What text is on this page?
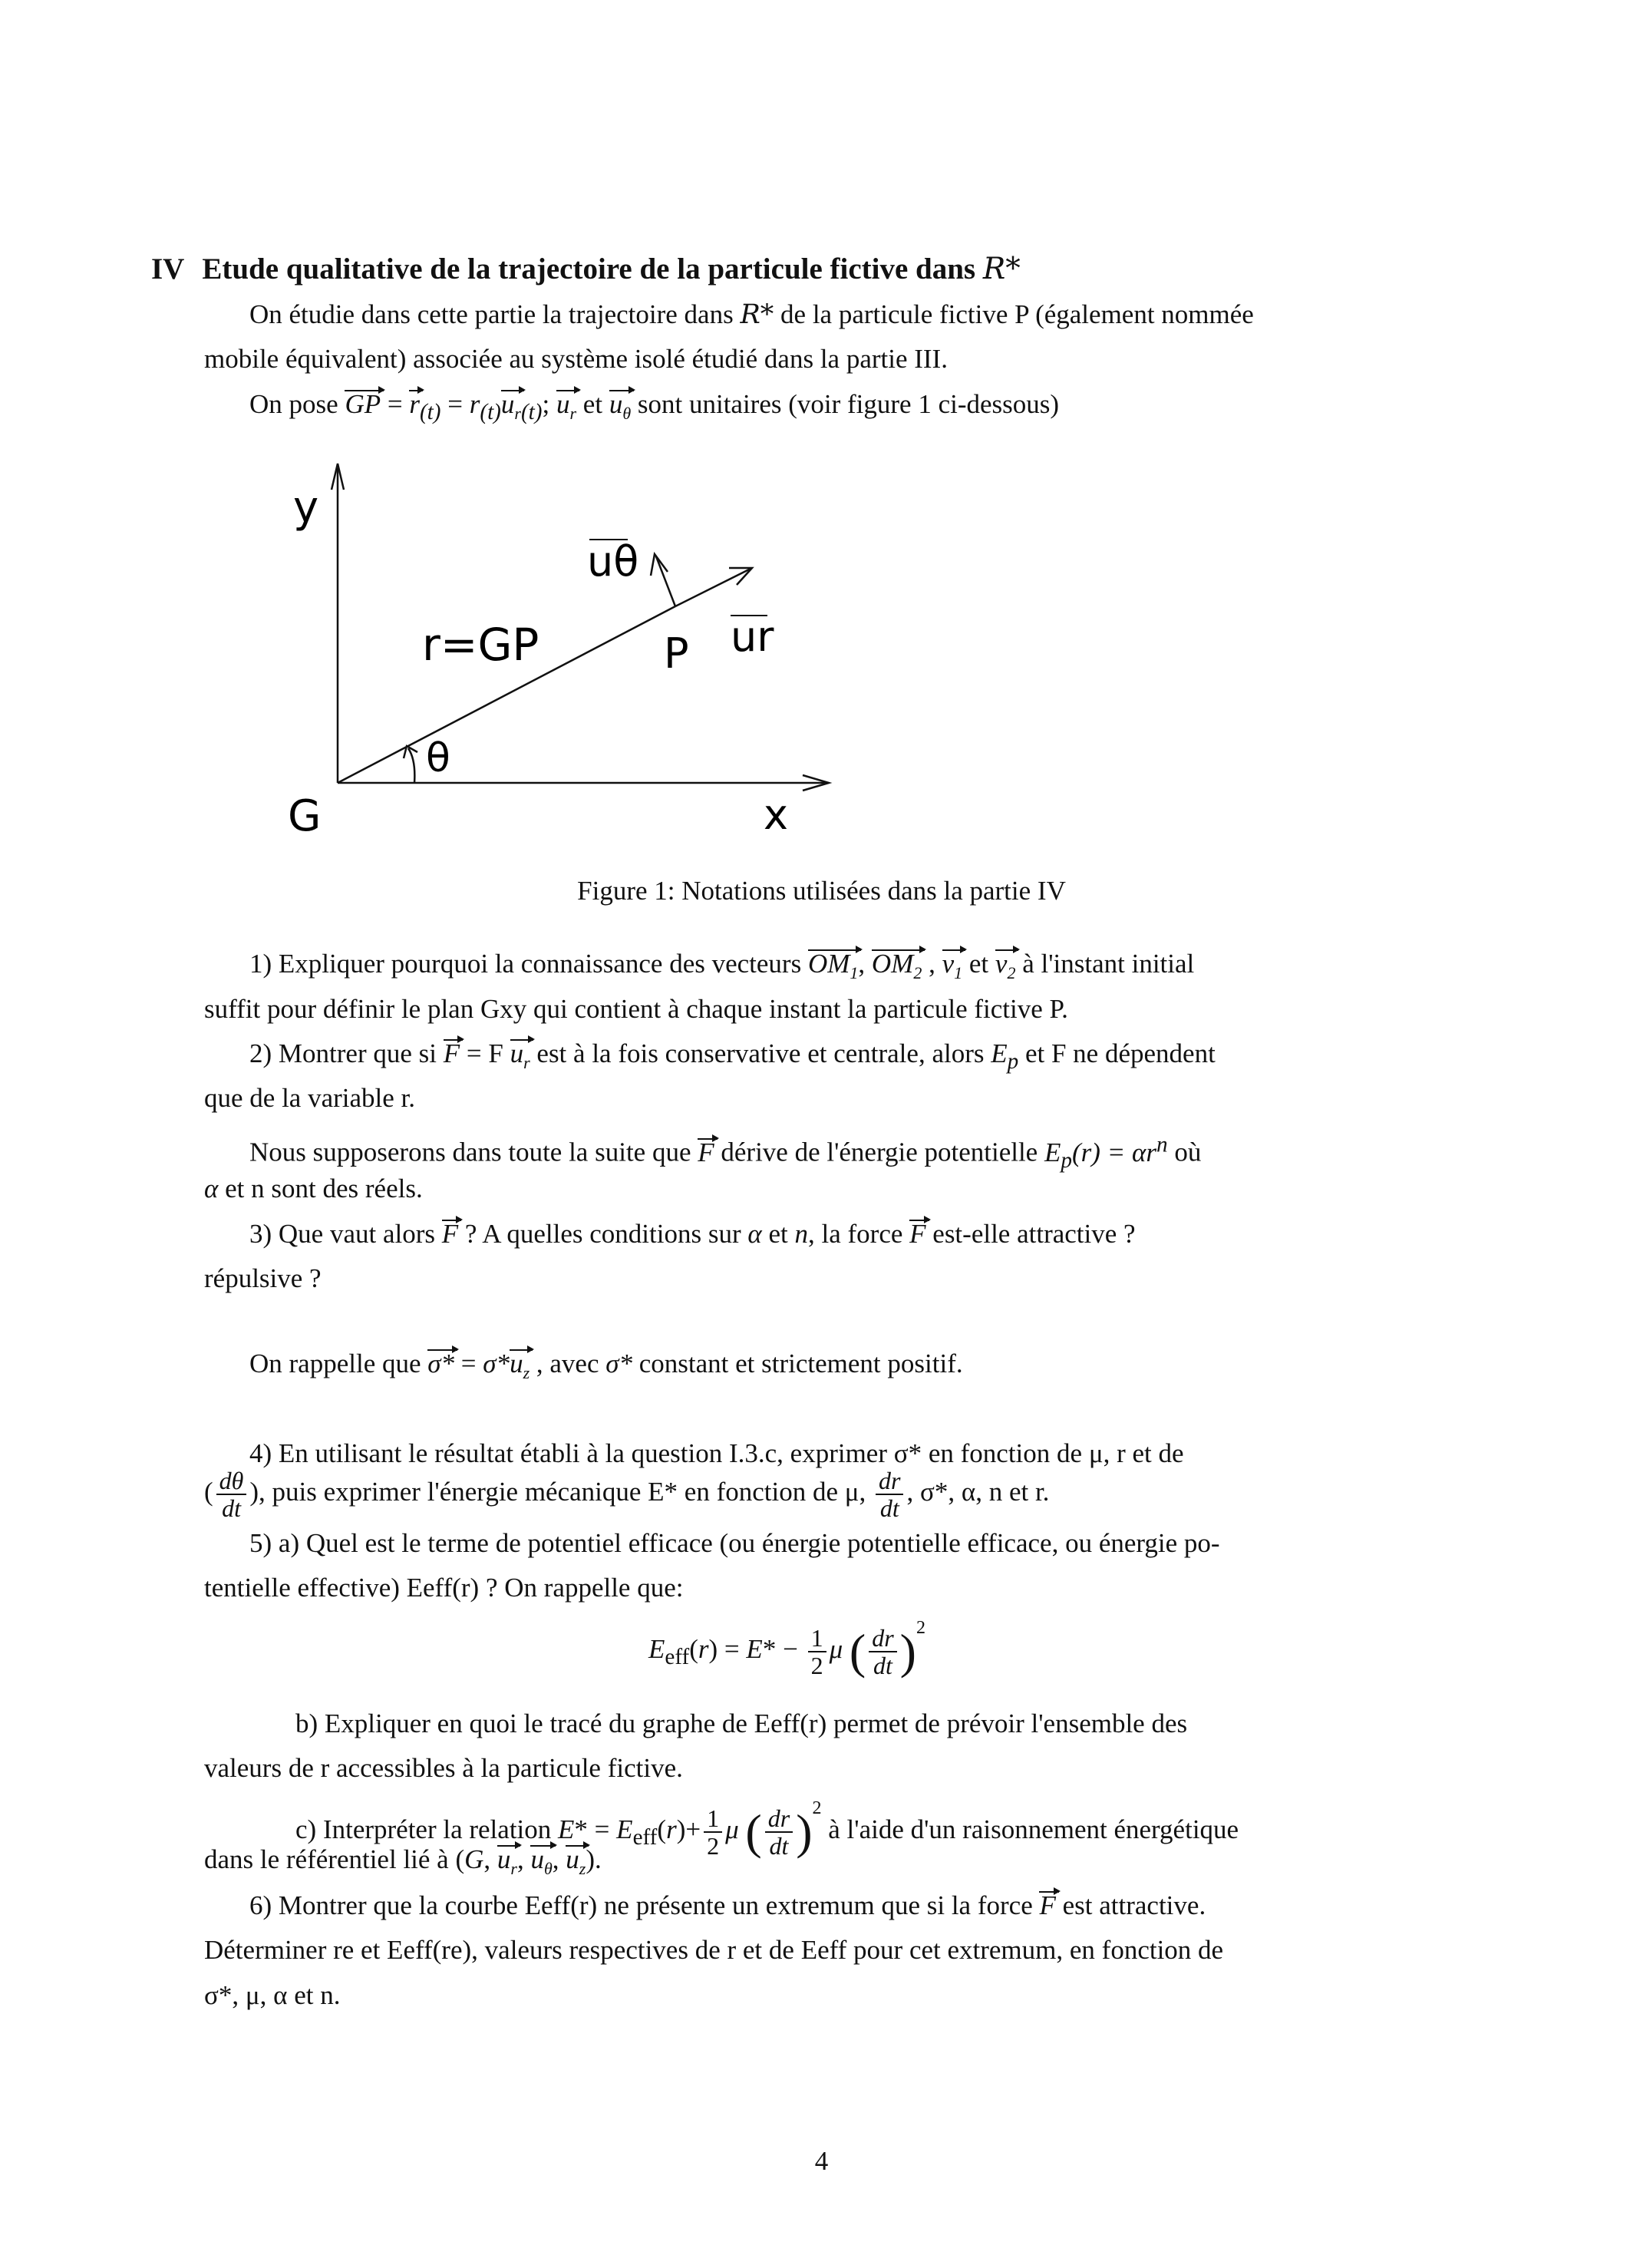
IV Etude qualitative de la trajectoire de la particule fictive dans R*
On étudie dans cette partie la trajectoire dans R* de la particule fictive P (également nommée
mobile équivalent) associée au système isolé étudié dans la partie III.
On pose GP = $r_{(t)} = r_{(t)}u_{r(t)}$; $u_r$ et $u_\theta$ sont unitaires (voir figure 1 ci-dessous)
y
x
G
P
r=GP
θ
uθ
ur
Figure 1: Notations utilisées dans la partie IV
1) Expliquer pourquoi la connaissance des vecteurs $OM_1$, $OM_2$ , $v_1$ et $v_2$ à l'instant initial
suffit pour définir le plan Gxy qui contient à chaque instant la particule fictive P.
2) Montrer que si F = F $u_r$ est à la fois conservative et centrale, alors $E_p$ et F ne dépendent
que de la variable r.
Nous supposerons dans toute la suite que F dérive de l'énergie potentielle $E_p(r) = \alpha r^n$ où
α et n sont des réels.
3) Que vaut alors F ? A quelles conditions sur α et n, la force F est-elle attractive ?
répulsive ?
On rappelle que $\sigma* = \sigma*u_z$ , avec σ* constant et strictement positif.
4) En utilisant le résultat établi à la question I.3.c, exprimer σ* en fonction de μ, r et de
( $\frac{d\theta}{dt}$ ), puis exprimer l'énergie mécanique E* en fonction de μ, $\frac{dr}{dt}$ , σ*, α, n et r.
5) a) Quel est le terme de potentiel efficace (ou énergie potentielle efficace, ou énergie po-
tentielle effective) Eeff(r) ? On rappelle que:
$E_{eff}(r) = E* - \frac{1}{2}$ μ ( $\frac{dr}{dt} )^2$
b) Expliquer en quoi le tracé du graphe de Eeff(r) permet de prévoir l'ensemble des
valeurs de r accessibles à la particule fictive.
c) Interpréter la relation $E* = E_{eff}(r)+ \frac{1}{2}$ μ ( $\frac{dr}{dt} )^2$ à l'aide d'un raisonnement énergétique
dans le référentiel lié à (G, $u_r$, $u_\theta$, $u_z$).
6) Montrer que la courbe Eeff(r) ne présente un extremum que si la force F est attractive.
Déterminer re et Eeff(re), valeurs respectives de r et de Eeff pour cet extremum, en fonction de
σ*, μ, α et n.
4
